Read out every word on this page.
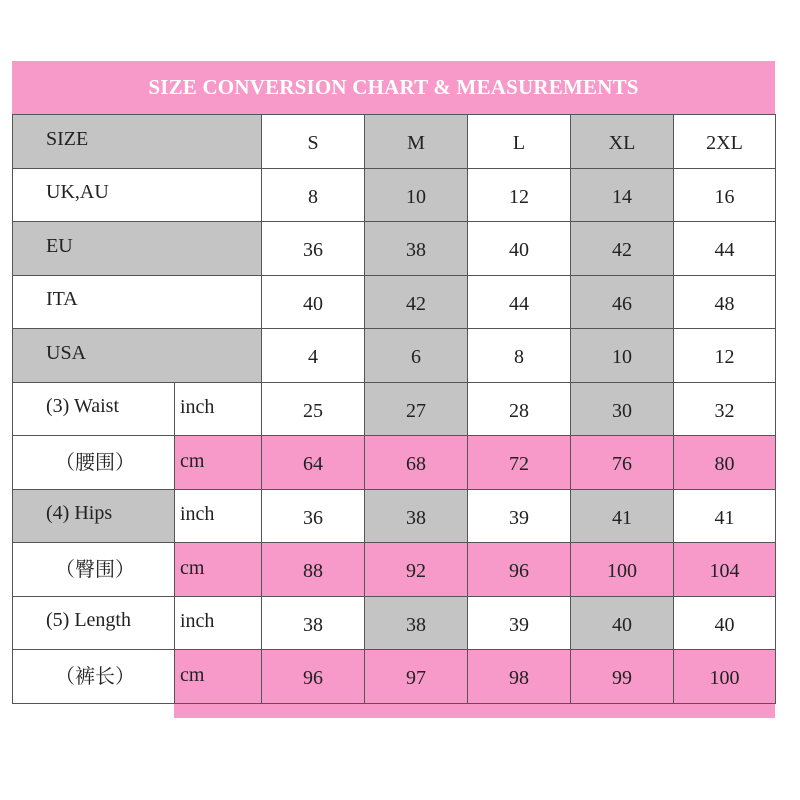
SIZE CONVERSION CHART & MEASUREMENTS
SIZE		S	M	L	XL	2XL
UK,AU		8	10	12	14	16
EU		36	38	40	42	44
ITA		40	42	44	46	48
USA		4	6	8	10	12
(3) Waist	inch	25	27	28	30	32
（腰围）	cm	64	68	72	76	80
(4) Hips	inch	36	38	39	41	41
（臀围）	cm	88	92	96	100	104
(5) Length	inch	38	38	39	40	40
（裤长）	cm	96	97	98	99	100
